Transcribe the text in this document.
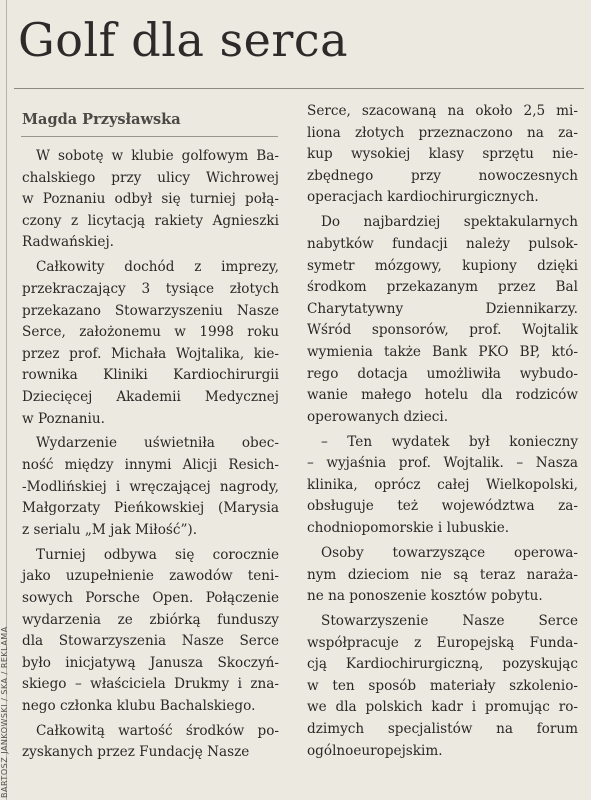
Golf dla serca
Magda Przysławska
BARTOSZ JANKOWSKI / SKA / REKLAMA
W sobotę w klubie golfowym Ba-
chalskiego przy ulicy Wichrowej
w Poznaniu odbył się turniej połą-
czony z licytacją rakiety Agnieszki
Radwańskiej.
Całkowity dochód z imprezy,
przekraczający 3 tysiące złotych
przekazano Stowarzyszeniu Nasze
Serce, założonemu w 1998 roku
przez prof. Michała Wojtalika, kie-
rownika Kliniki Kardiochirurgii
Dziecięcej Akademii Medycznej
w Poznaniu.
Wydarzenie uświetniła obec-
ność między innymi Alicji Resich-
-Modlińskiej i wręczającej nagrody,
Małgorzaty Pieńkowskiej (Marysia
z serialu „M jak Miłość”).
Turniej odbywa się corocznie
jako uzupełnienie zawodów teni-
sowych Porsche Open. Połączenie
wydarzenia ze zbiórką funduszy
dla Stowarzyszenia Nasze Serce
było inicjatywą Janusza Skoczyń-
skiego – właściciela Drukmy i zna-
nego członka klubu Bachalskiego.
Całkowitą wartość środków po-
zyskanych przez Fundację Nasze
Serce, szacowaną na około 2,5 mi-
liona złotych przeznaczono na za-
kup wysokiej klasy sprzętu nie-
zbędnego przy nowoczesnych
operacjach kardiochirurgicznych.
Do najbardziej spektakularnych
nabytków fundacji należy pulsok-
symetr mózgowy, kupiony dzięki
środkom przekazanym przez Bal
Charytatywny Dziennikarzy.
Wśród sponsorów, prof. Wojtalik
wymienia także Bank PKO BP, któ-
rego dotacja umożliwiła wybudo-
wanie małego hotelu dla rodziców
operowanych dzieci.
– Ten wydatek był konieczny
– wyjaśnia prof. Wojtalik. – Nasza
klinika, oprócz całej Wielkopolski,
obsługuje też województwa za-
chodniopomorskie i lubuskie.
Osoby towarzyszące operowa-
nym dzieciom nie są teraz naraża-
ne na ponoszenie kosztów pobytu.
Stowarzyszenie Nasze Serce
współpracuje z Europejską Funda-
cją Kardiochirurgiczną, pozyskując
w ten sposób materiały szkolenio-
we dla polskich kadr i promując ro-
dzimych specjalistów na forum
ogólnoeuropejskim.
